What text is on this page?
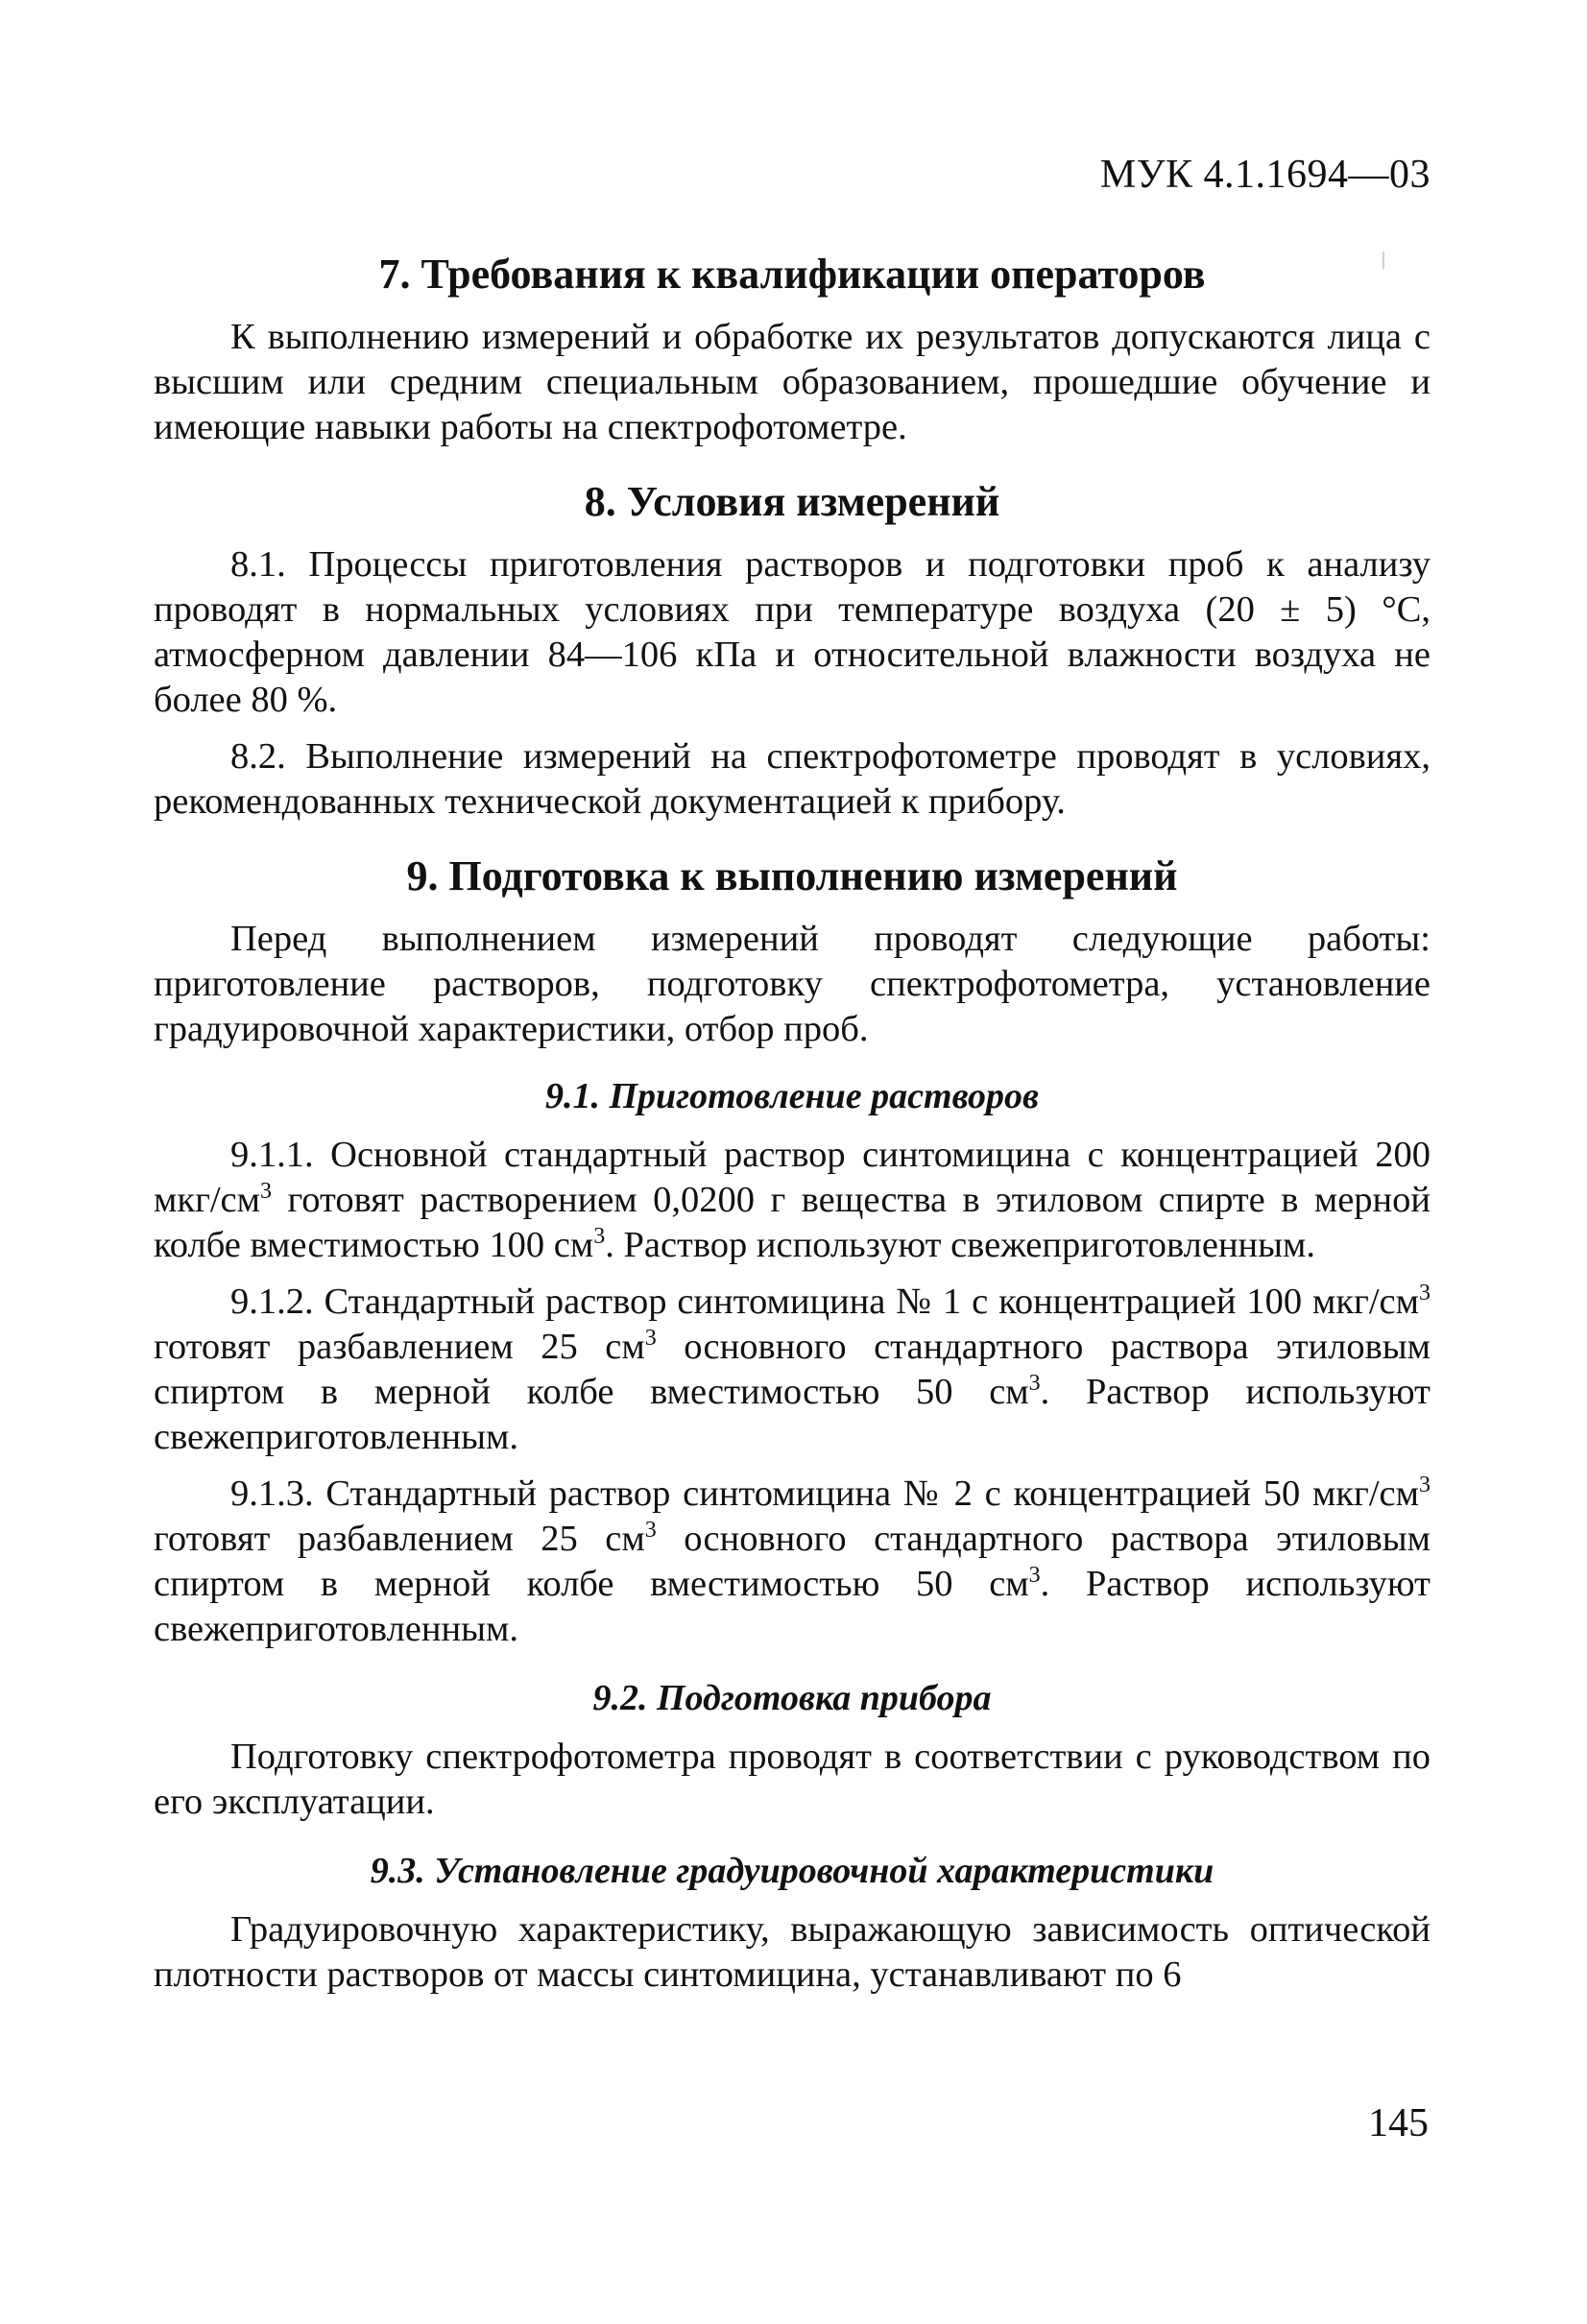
МУК 4.1.1694—03
7. Требования к квалификации операторов

К выполнению измерений и обработке их результатов допускаются лица с высшим или средним специальным образованием, прошедшие обучение и имеющие навыки работы на спектрофотометре.

8. Условия измерений

8.1. Процессы приготовления растворов и подготовки проб к анализу проводят в нормальных условиях при температуре воздуха (20 ± 5) °С, атмосферном давлении 84—106 кПа и относительной влажности воздуха не более 80 %.

8.2. Выполнение измерений на спектрофотометре проводят в условиях, рекомендованных технической документацией к прибору.

9. Подготовка к выполнению измерений

Перед выполнением измерений проводят следующие работы: приготовление растворов, подготовку спектрофотометра, установление градуировочной характеристики, отбор проб.

9.1. Приготовление растворов

9.1.1. Основной стандартный раствор синтомицина с концентрацией 200 мкг/$см^3$ готовят растворением 0,0200 г вещества в этиловом спирте в мерной колбе вместимостью 100 $см^3$. Раствор используют свежеприготовленным.

9.1.2. Стандартный раствор синтомицина № 1 с концентрацией 100 мкг/$см^3$ готовят разбавлением 25 $см^3$ основного стандартного раствора этиловым спиртом в мерной колбе вместимостью 50 $см^3$. Раствор используют свежеприготовленным.

9.1.3. Стандартный раствор синтомицина № 2 с концентрацией 50 мкг/$см^3$ готовят разбавлением 25 $см^3$ основного стандартного раствора этиловым спиртом в мерной колбе вместимостью 50 $см^3$. Раствор используют свежеприготовленным.

9.2. Подготовка прибора

Подготовку спектрофотометра проводят в соответствии с руководством по его эксплуатации.

9.3. Установление градуировочной характеристики

Градуировочную характеристику, выражающую зависимость оптической плотности растворов от массы синтомицина, устанавливают по 6

145
